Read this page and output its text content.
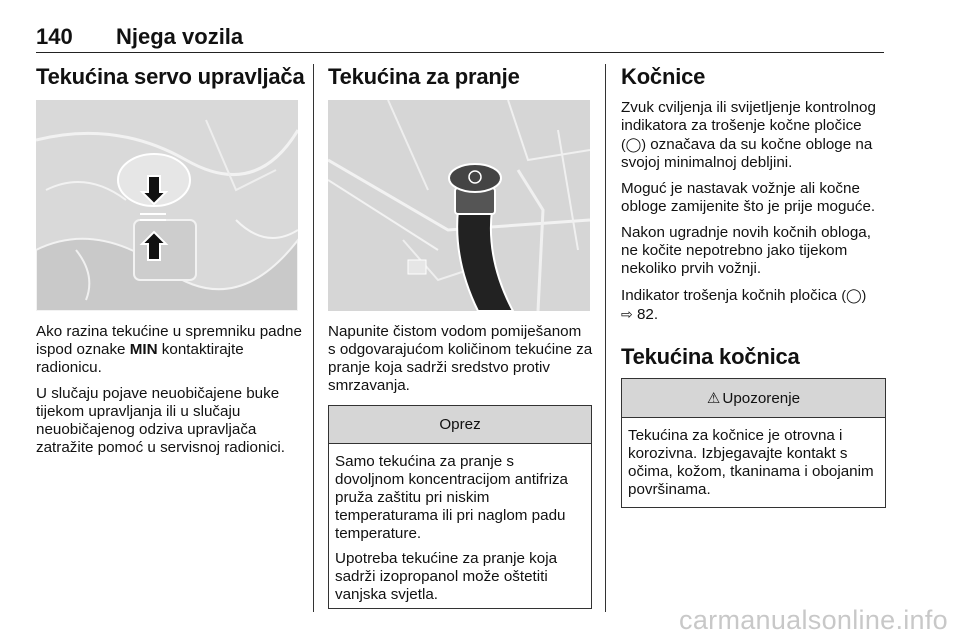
140 Njega vozila
Tekućina servo upravljača

Ako razina tekućine u spremniku padne ispod oznake MIN kontaktirajte radionicu.

U slučaju pojave neuobičajene buke tijekom upravljanja ili u slučaju neuobičajenog odziva upravljača zatražite pomoć u servisnoj radionici.

Tekućina za pranje

Napunite čistom vodom pomiješanom s odgovarajućom količinom tekućine za pranje koja sadrži sredstvo protiv smrzavanja.

Oprez

Samo tekućina za pranje s dovoljnom koncentracijom antifriza pruža zaštitu pri niskim temperaturama ili pri naglom padu temperature.

Upotreba tekućine za pranje koja sadrži izopropanol može oštetiti vanjska svjetla.

Kočnice

Zvuk cviljenja ili svijetljenje kontrolnog indikatora za trošenje kočne pločice (◯) označava da su kočne obloge na svojoj minimalnoj debljini.

Moguć je nastavak vožnje ali kočne obloge zamijenite što je prije moguće.

Nakon ugradnje novih kočnih obloga, ne kočite nepotrebno jako tijekom nekoliko prvih vožnji.

Indikator trošenja kočnih pločica (◯)
⇨ 82.

Tekućina kočnica
⚠ Upozorenje

Tekućina za kočnice je otrovna i korozivna. Izbjegavajte kontakt s očima, kožom, tkaninama i obojanim površinama.

carmanualsonline.info
